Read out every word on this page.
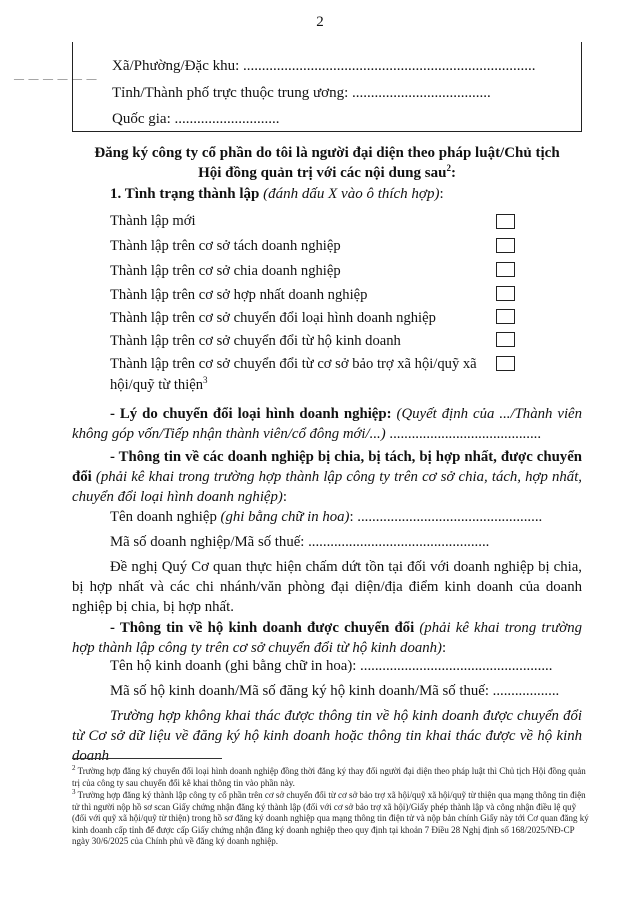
2
— — — — — —
Xã/Phường/Đặc khu: ..............................................................................
Tỉnh/Thành phố trực thuộc trung ương: .....................................
Quốc gia: ............................
Đăng ký công ty cổ phần do tôi là người đại diện theo pháp luật/Chủ tịch
Hội đồng quản trị với các nội dung sau$^2$:
1. Tình trạng thành lập (đánh dấu X vào ô thích hợp):
Thành lập mới
Thành lập trên cơ sở tách doanh nghiệp
Thành lập trên cơ sở chia doanh nghiệp
Thành lập trên cơ sở hợp nhất doanh nghiệp
Thành lập trên cơ sở chuyển đổi loại hình doanh nghiệp
Thành lập trên cơ sở chuyển đổi từ hộ kinh doanh
Thành lập trên cơ sở chuyển đổi từ cơ sở bảo trợ xã hội/quỹ xã
hội/quỹ từ thiện$^3$
- Lý do chuyển đổi loại hình doanh nghiệp: (Quyết định của .../Thành viên không góp vốn/Tiếp nhận thành viên/cổ đông mới/...) .........................................
- Thông tin về các doanh nghiệp bị chia, bị tách, bị hợp nhất, được chuyển đổi (phải kê khai trong trường hợp thành lập công ty trên cơ sở chia, tách, hợp nhất, chuyển đổi loại hình doanh nghiệp):
Tên doanh nghiệp (ghi bằng chữ in hoa): ..................................................
Mã số doanh nghiệp/Mã số thuế: .................................................
Đề nghị Quý Cơ quan thực hiện chấm dứt tồn tại đối với doanh nghiệp bị chia, bị hợp nhất và các chi nhánh/văn phòng đại diện/địa điểm kinh doanh của doanh nghiệp bị chia, bị hợp nhất.
- Thông tin về hộ kinh doanh được chuyển đổi (phải kê khai trong trường hợp thành lập công ty trên cơ sở chuyển đổi từ hộ kinh doanh):
Tên hộ kinh doanh (ghi bằng chữ in hoa): ....................................................
Mã số hộ kinh doanh/Mã số đăng ký hộ kinh doanh/Mã số thuế: ..................
Trường hợp không khai thác được thông tin về hộ kinh doanh được chuyển đổi từ Cơ sở dữ liệu về đăng ký hộ kinh doanh hoặc thông tin khai thác được về hộ kinh doanh
$^2$ Trường hợp đăng ký chuyển đổi loại hình doanh nghiệp đồng thời đăng ký thay đổi người đại diện theo pháp luật thì Chủ tịch Hội đồng quản trị của công ty sau chuyển đổi kê khai thông tin vào phần này.
$^3$ Trường hợp đăng ký thành lập công ty cổ phần trên cơ sở chuyển đổi từ cơ sở bảo trợ xã hội/quỹ xã hội/quỹ từ thiện qua mạng thông tin điện tử thì người nộp hồ sơ scan Giấy chứng nhận đăng ký thành lập (đối với cơ sở bảo trợ xã hội)/Giấy phép thành lập và công nhận điều lệ quỹ (đối với quỹ xã hội/quỹ từ thiện) trong hồ sơ đăng ký doanh nghiệp qua mạng thông tin điện tử và nộp bản chính Giấy này tới Cơ quan đăng ký kinh doanh cấp tỉnh để được cấp Giấy chứng nhận đăng ký doanh nghiệp theo quy định tại khoản 7 Điều 28 Nghị định số 168/2025/NĐ-CP ngày 30/6/2025 của Chính phủ về đăng ký doanh nghiệp.
